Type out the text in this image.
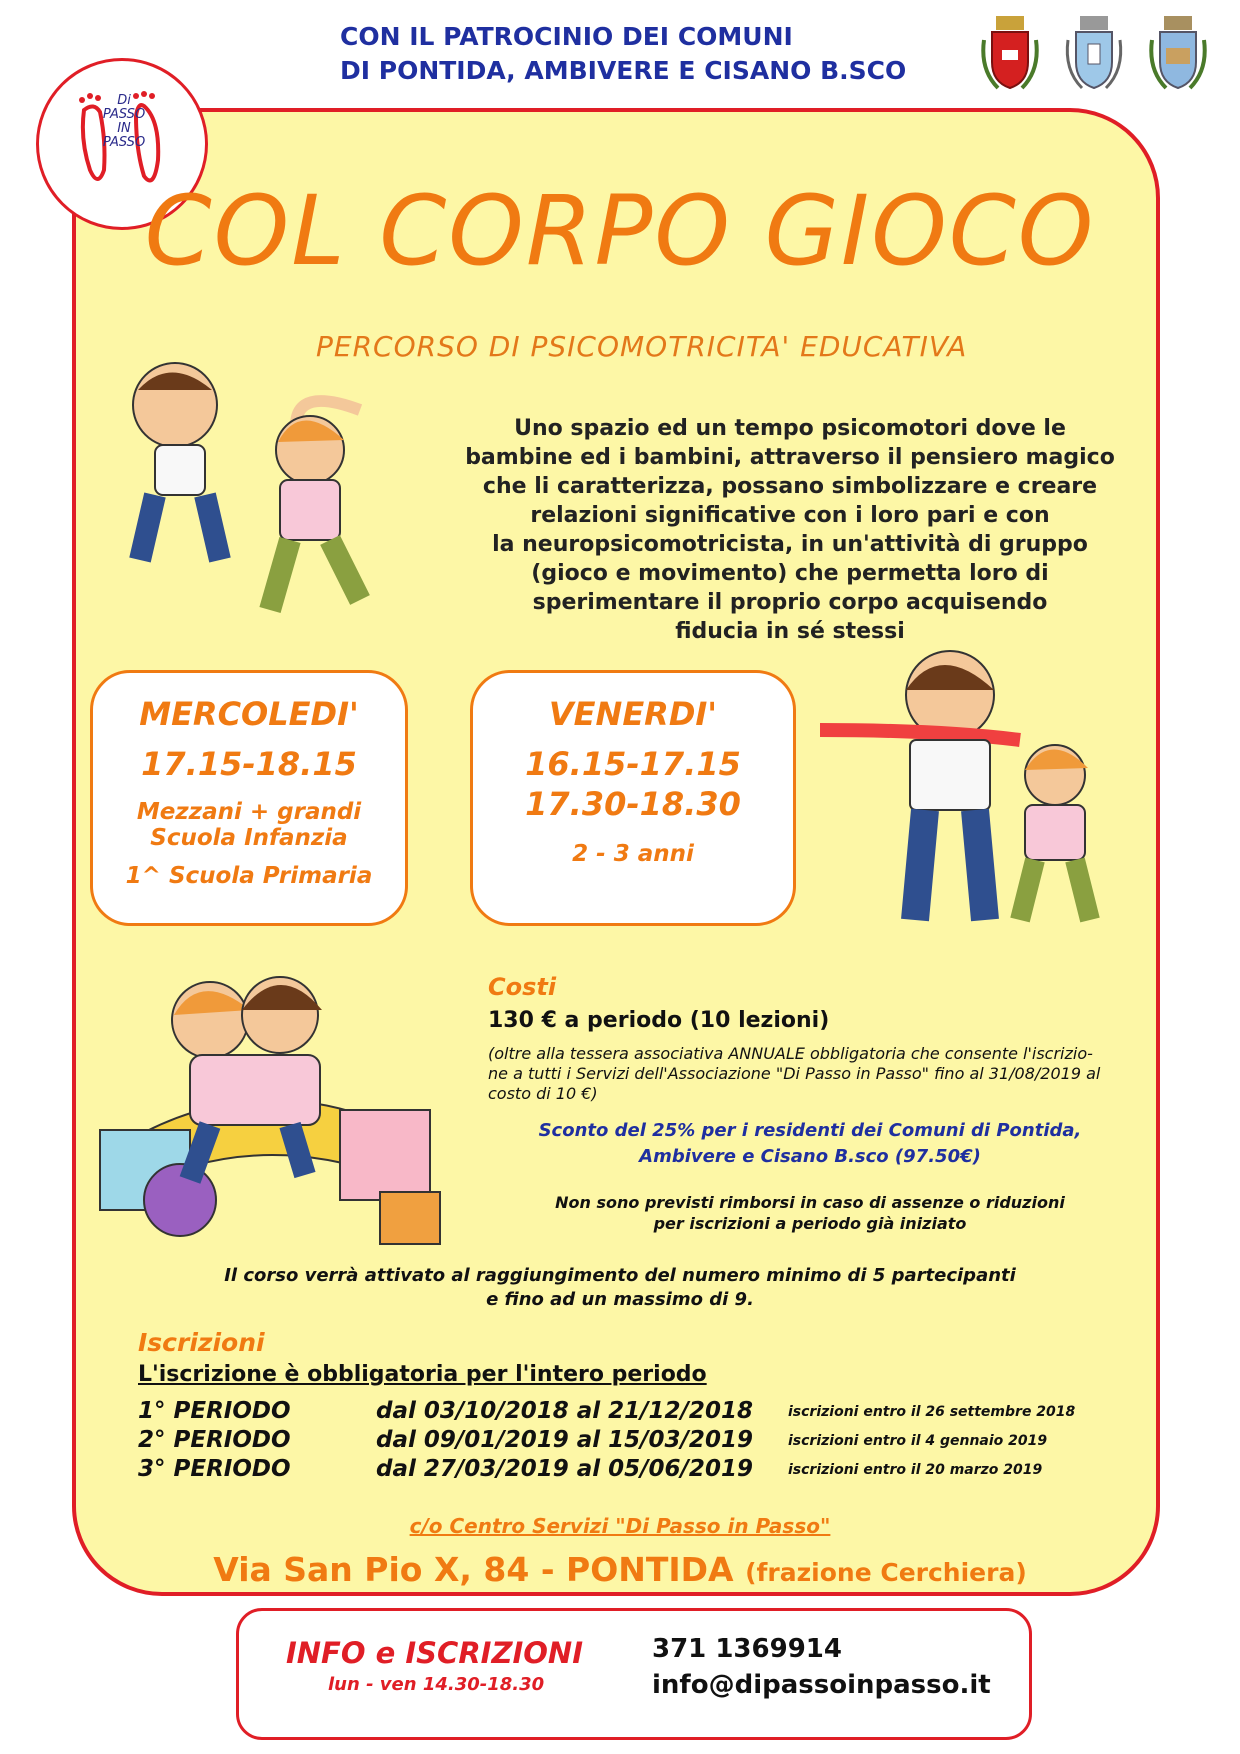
CON IL PATROCINIO DEI COMUNI
DI PONTIDA, AMBIVERE E CISANO B.SCO
Di
PASSO
IN
PASSO
COL CORPO GIOCO
PERCORSO DI PSICOMOTRICITA' EDUCATIVA
Uno spazio ed un tempo psicomotori dove le
bambine ed i bambini, attraverso il pensiero magico
che li caratterizza, possano simbolizzare e creare
relazioni significative con i loro pari e con
la neuropsicomotricista, in un'attività di gruppo
(gioco e movimento) che permetta loro di
sperimentare il proprio corpo acquisendo
fiducia in sé stessi
MERCOLEDI'
17.15-18.15
Mezzani + grandi
Scuola Infanzia
1^ Scuola Primaria
VENERDI'
16.15-17.15
17.30-18.30
2 - 3 anni
Costi
130 € a periodo (10 lezioni)
(oltre alla tessera associativa ANNUALE obbligatoria che consente l'iscrizio-
ne a tutti i Servizi dell'Associazione "Di Passo in Passo" fino al 31/08/2019 al
costo di 10 €)
Sconto del 25% per i residenti dei Comuni di Pontida,
Ambivere e Cisano B.sco (97.50€)
Non sono previsti rimborsi in caso di assenze o riduzioni
per iscrizioni a periodo già iniziato
Il corso verrà attivato al raggiungimento del numero minimo di 5 partecipanti
e fino ad un massimo di 9.
Iscrizioni
L'iscrizione è obbligatoria per l'intero periodo
1° PERIODO	dal 03/10/2018 al 21/12/2018	iscrizioni entro il 26 settembre 2018
2° PERIODO	dal 09/01/2019 al 15/03/2019	iscrizioni entro il 4 gennaio 2019
3° PERIODO	dal 27/03/2019 al 05/06/2019	iscrizioni entro il 20 marzo 2019
c/o Centro Servizi "Di Passo in Passo"
Via San Pio X, 84 - PONTIDA (frazione Cerchiera)
INFO e ISCRIZIONI
lun - ven 14.30-18.30
371 1369914
info@dipassoinpasso.it
